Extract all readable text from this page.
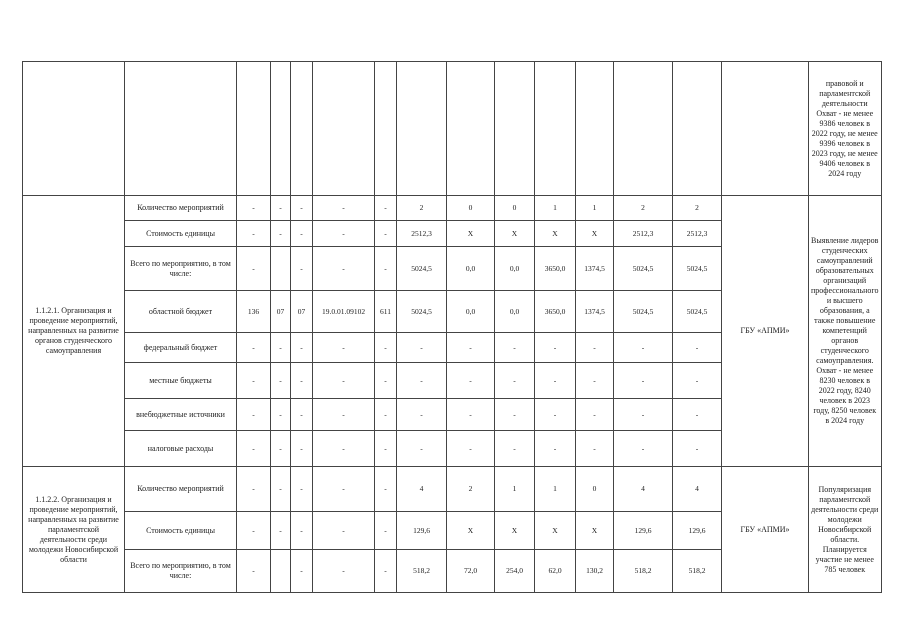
															правовой и парламентской деятельности Охват - не менее 9386 человек в 2022 году, не менее 9396 человек в 2023 году, не менее 9406 человек в 2024 году
1.1.2.1. Организация и проведение мероприятий, направленных на развитие органов студенческого самоуправления	Количество мероприятий	-	-	-	-	-	2	0	0	1	1	2	2	ГБУ «АПМИ»	Выявление лидеров студенческих самоуправлений образовательных организаций профессионального и высшего образования, а также повышение компетенций органов студенческого самоуправления. Охват - не менее 8230 человек в 2022 году, 8240 человек в 2023 году, 8250 человек в 2024 году
	Стоимость единицы	-	-	-	-	-	2512,3	X	X	X	X	2512,3	2512,3		
	Всего по мероприятию, в том числе:	-		-	-	-	5024,5	0,0	0,0	3650,0	1374,5	5024,5	5024,5		
	областной бюджет	136	07	07	19.0.01.09102	611	5024,5	0,0	0,0	3650,0	1374,5	5024,5	5024,5		
	федеральный бюджет	-	-	-	-	-	-	-	-	-	-	-	-		
	местные бюджеты	-	-	-	-	-	-	-	-	-	-	-	-		
	внебюджетные источники	-	-	-	-	-	-	-	-	-	-	-	-		
	налоговые расходы	-	-	-	-	-	-	-	-	-	-	-	-		
1.1.2.2. Организация и проведение мероприятий, направленных на развитие парламентской деятельности среди молодежи Новосибирской области	Количество мероприятий	-	-	-	-	-	4	2	1	1	0	4	4	ГБУ «АПМИ»	Популяризация парламентской деятельности среди молодежи Новосибирской области. Планируется участие не менее 785 человек
	Стоимость единицы	-	-	-	-	-	129,6	X	X	X	X	129,6	129,6		
	Всего по мероприятию, в том числе:	-		-	-	-	518,2	72,0	254,0	62,0	130,2	518,2	518,2		
